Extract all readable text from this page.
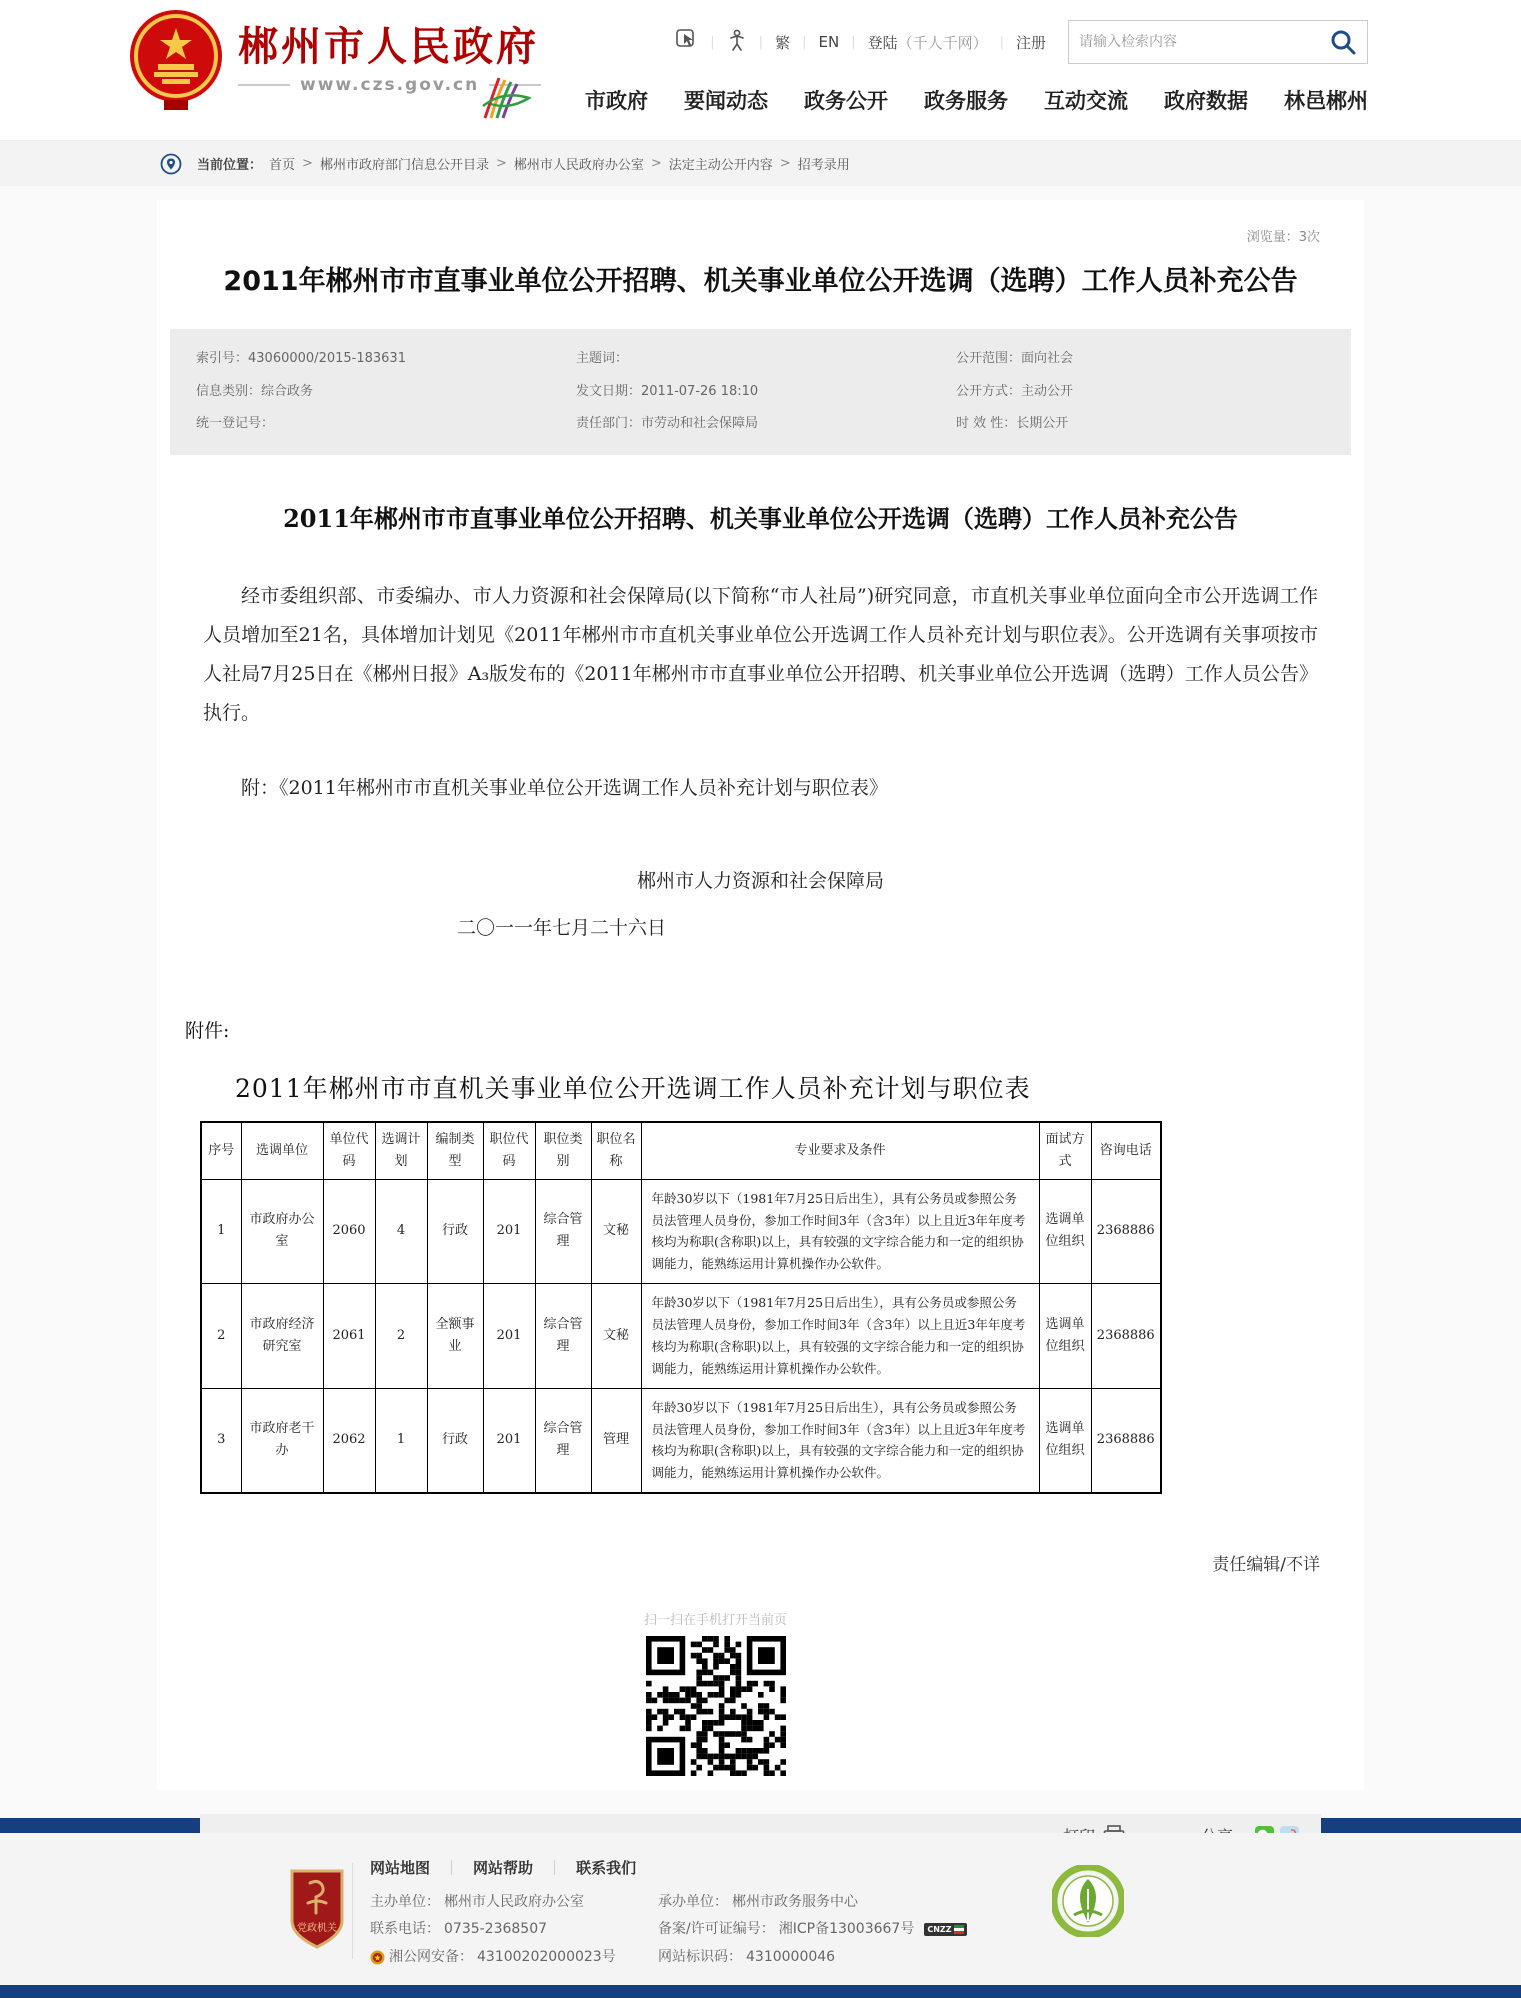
郴州市人民政府
www.czs.gov.cn
|	| 繁 | EN | 登陆（千人千网） | 注册
请输入检索内容
市政府 要闻动态 政务公开 政务服务 互动交流 政府数据 林邑郴州
当前位置： 首页 > 郴州市政府部门信息公开目录 > 郴州市人民政府办公室 > 法定主动公开内容 > 招考录用
浏览量：3次
2011年郴州市市直事业单位公开招聘、机关事业单位公开选调（选聘）工作人员补充公告
索引号：43060000/2015-183631	主题词：	公开范围：面向社会
信息类别：综合政务	发文日期：2011-07-26 18:10	公开方式：主动公开
统一登记号：	责任部门：市劳动和社会保障局	时 效 性：长期公开
2011年郴州市市直事业单位公开招聘、机关事业单位公开选调（选聘）工作人员补充公告

经市委组织部、市委编办、市人力资源和社会保障局(以下简称“市人社局”)研究同意，市直机关事业单位面向全市公开选调工作人员增加至21名，具体增加计划见《2011年郴州市市直机关事业单位公开选调工作人员补充计划与职位表》。公开选调有关事项按市人社局7月25日在《郴州日报》A₃版发布的《2011年郴州市市直事业单位公开招聘、机关事业单位公开选调（选聘）工作人员公告》执行。

附：《2011年郴州市市直机关事业单位公开选调工作人员补充计划与职位表》

郴州市人力资源和社会保障局
二〇一一年七月二十六日
附件:
2011年郴州市市直机关事业单位公开选调工作人员补充计划与职位表
序号	选调单位	单位代码	选调计划	编制类型	职位代码	职位类别	职位名称	专业要求及条件	面试方式	咨询电话
1	市政府办公室	2060	4	行政	201	综合管理	文秘	年龄30岁以下（1981年7月25日后出生），具有公务员或参照公务员法管理人员身份，参加工作时间3年（含3年）以上且近3年年度考核均为称职(含称职)以上，具有较强的文字综合能力和一定的组织协调能力，能熟练运用计算机操作办公软件。	选调单位组织	2368886
2	市政府经济研究室	2061	2	全额事业	201	综合管理	文秘	年龄30岁以下（1981年7月25日后出生），具有公务员或参照公务员法管理人员身份，参加工作时间3年（含3年）以上且近3年年度考核均为称职(含称职)以上，具有较强的文字综合能力和一定的组织协调能力，能熟练运用计算机操作办公软件。	选调单位组织	2368886
3	市政府老干办	2062	1	行政	201	综合管理	管理	年龄30岁以下（1981年7月25日后出生），具有公务员或参照公务员法管理人员身份，参加工作时间3年（含3年）以上且近3年年度考核均为称职(含称职)以上，具有较强的文字综合能力和一定的组织协调能力，能熟练运用计算机操作办公软件。	选调单位组织	2368886
责任编辑/不详
扫一扫在手机打开当前页
党政机关
网站地图 ｜ 网站帮助 ｜ 联系我们
主办单位： 郴州市人民政府办公室	承办单位： 郴州市政务服务中心
联系电话： 0735-2368507	备案/许可证编号： 湘ICP备13003667号 CNZZ
湘公网安备： 43100202000023号	网站标识码： 4310000046
